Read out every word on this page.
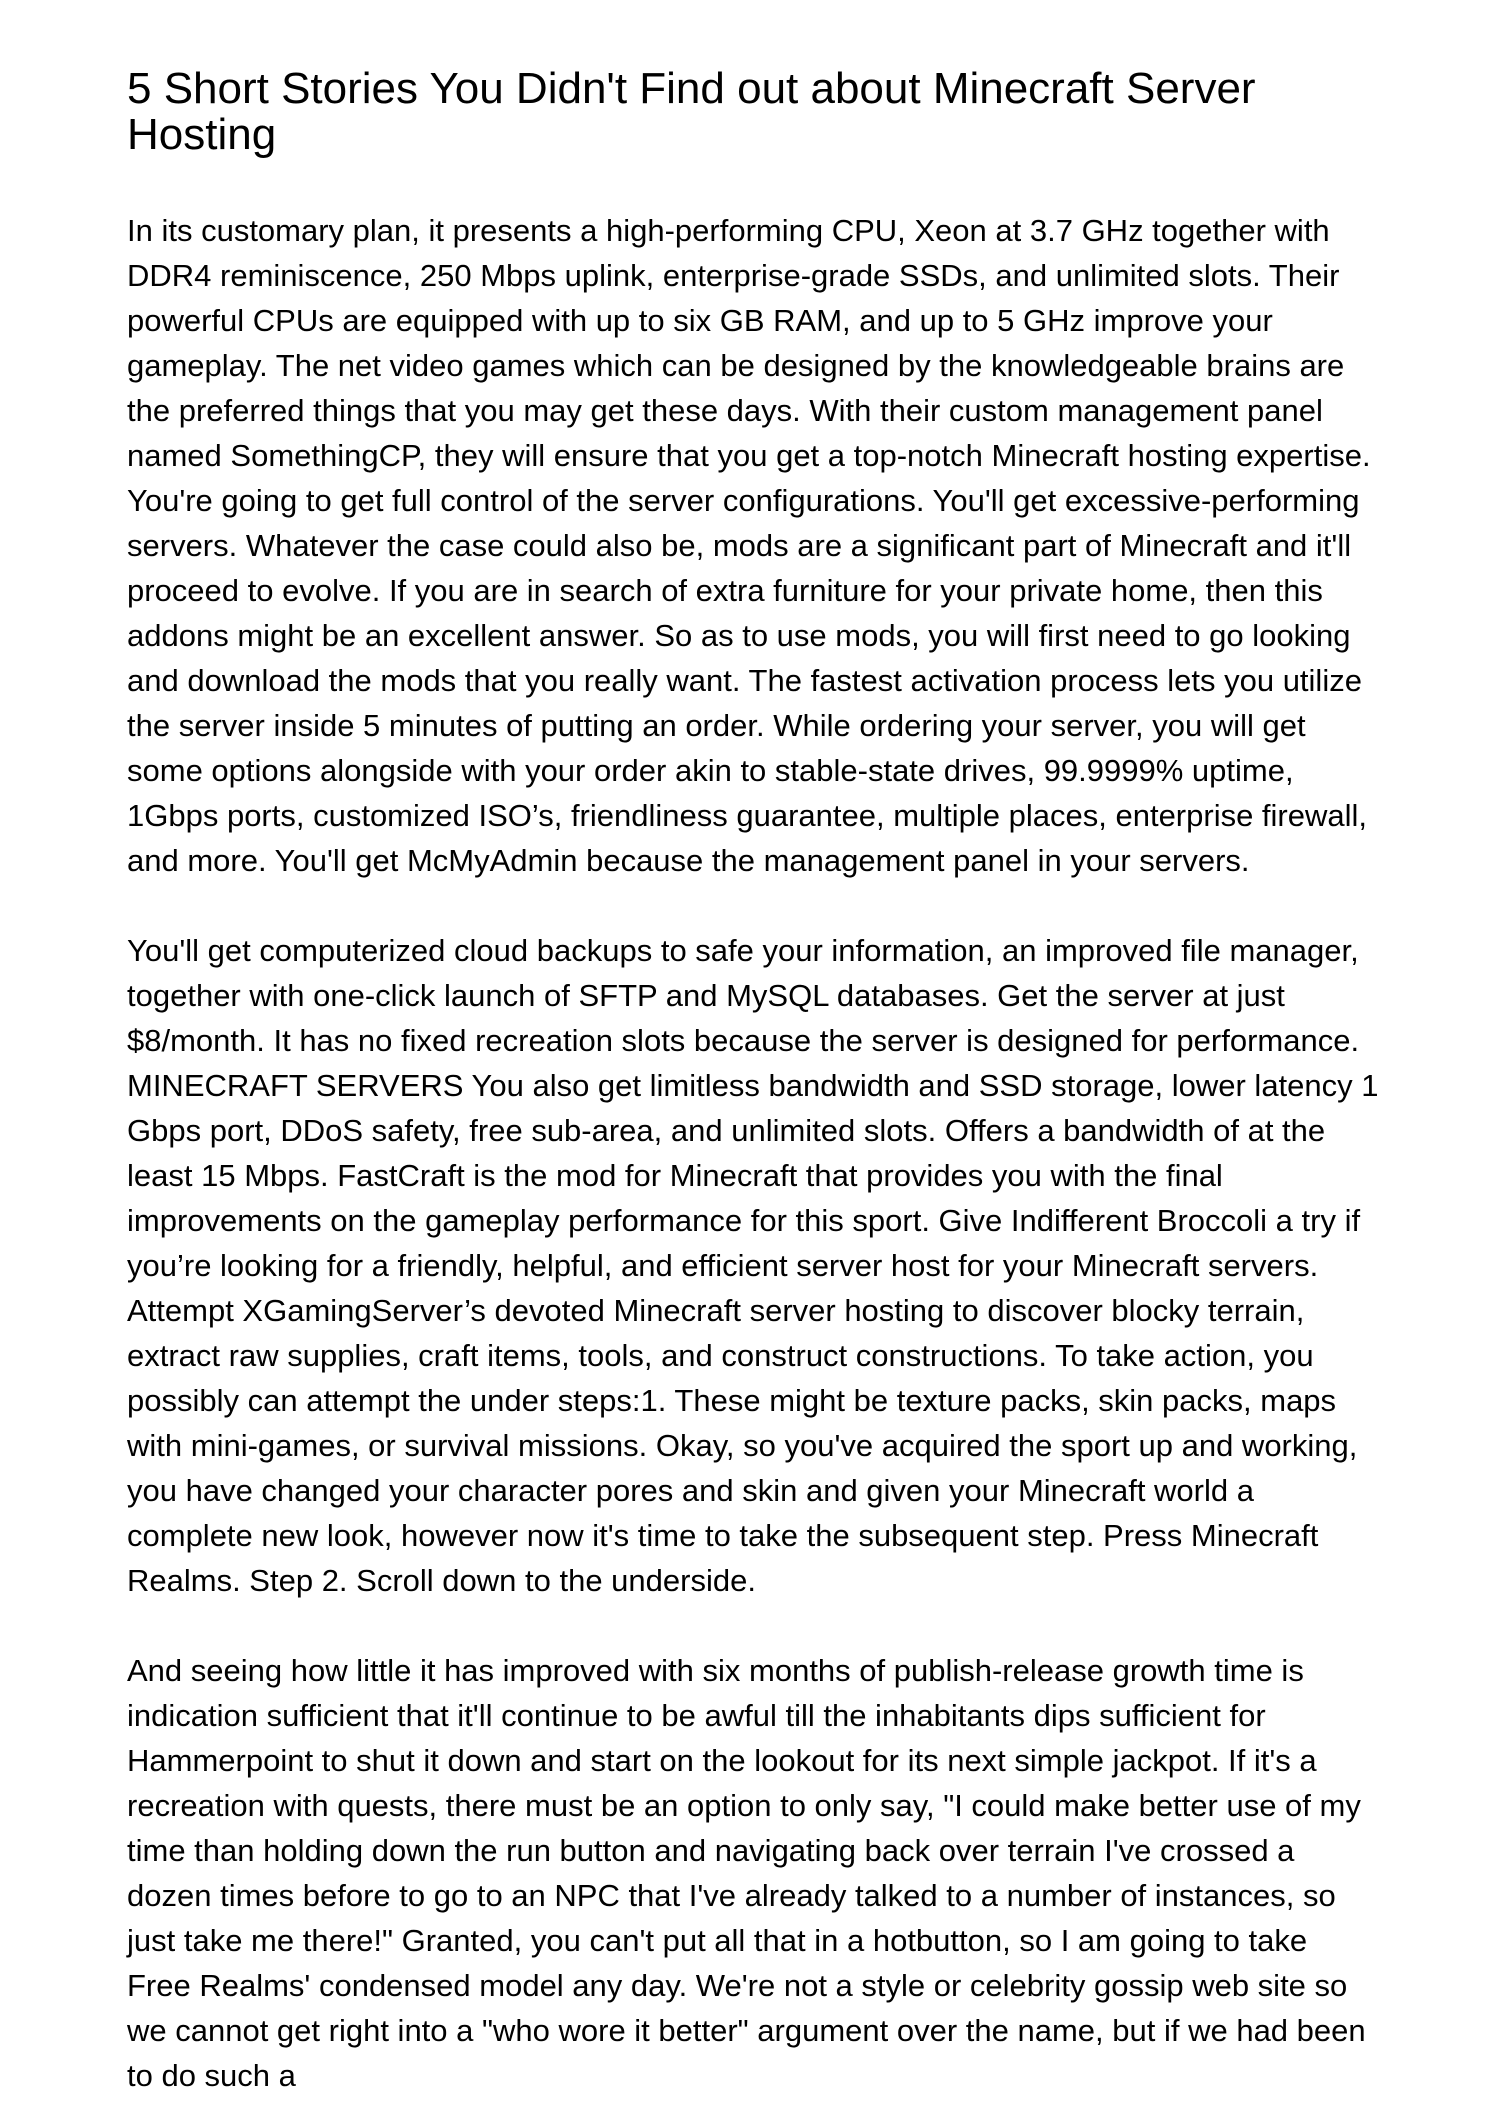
5 Short Stories You Didn't Find out about Minecraft Server Hosting

In its customary plan, it presents a high-performing CPU, Xeon at 3.7 GHz together with DDR4 reminiscence, 250 Mbps uplink, enterprise-grade SSDs, and unlimited slots. Their powerful CPUs are equipped with up to six GB RAM, and up to 5 GHz improve your gameplay. The net video games which can be designed by the knowledgeable brains are the preferred things that you may get these days. With their custom management panel named SomethingCP, they will ensure that you get a top-notch Minecraft hosting expertise. You're going to get full control of the server configurations. You'll get excessive-performing servers. Whatever the case could also be, mods are a significant part of Minecraft and it'll proceed to evolve. If you are in search of extra furniture for your private home, then this addons might be an excellent answer. So as to use mods, you will first need to go looking and download the mods that you really want. The fastest activation process lets you utilize the server inside 5 minutes of putting an order. While ordering your server, you will get some options alongside with your order akin to stable-state drives, 99.9999% uptime, 1Gbps ports, customized ISO’s, friendliness guarantee, multiple places, enterprise firewall, and more. You'll get McMyAdmin because the management panel in your servers.

You'll get computerized cloud backups to safe your information, an improved file manager, together with one-click launch of SFTP and MySQL databases. Get the server at just $8/month. It has no fixed recreation slots because the server is designed for performance. MINECRAFT SERVERS You also get limitless bandwidth and SSD storage, lower latency 1 Gbps port, DDoS safety, free sub-area, and unlimited slots. Offers a bandwidth of at the least 15 Mbps. FastCraft is the mod for Minecraft that provides you with the final improvements on the gameplay performance for this sport. Give Indifferent Broccoli a try if you’re looking for a friendly, helpful, and efficient server host for your Minecraft servers. Attempt XGamingServer’s devoted Minecraft server hosting to discover blocky terrain, extract raw supplies, craft items, tools, and construct constructions. To take action, you possibly can attempt the under steps:1. These might be texture packs, skin packs, maps with mini-games, or survival missions. Okay, so you've acquired the sport up and working, you have changed your character pores and skin and given your Minecraft world a complete new look, however now it's time to take the subsequent step. Press Minecraft Realms. Step 2. Scroll down to the underside.

And seeing how little it has improved with six months of publish-release growth time is indication sufficient that it'll continue to be awful till the inhabitants dips sufficient for Hammerpoint to shut it down and start on the lookout for its next simple jackpot. If it's a recreation with quests, there must be an option to only say, "I could make better use of my time than holding down the run button and navigating back over terrain I've crossed a dozen times before to go to an NPC that I've already talked to a number of instances, so just take me there!" Granted, you can't put all that in a hotbutton, so I am going to take Free Realms' condensed model any day. We're not a style or celebrity gossip web site so we cannot get right into a "who wore it better" argument over the name, but if we had been to do such a
